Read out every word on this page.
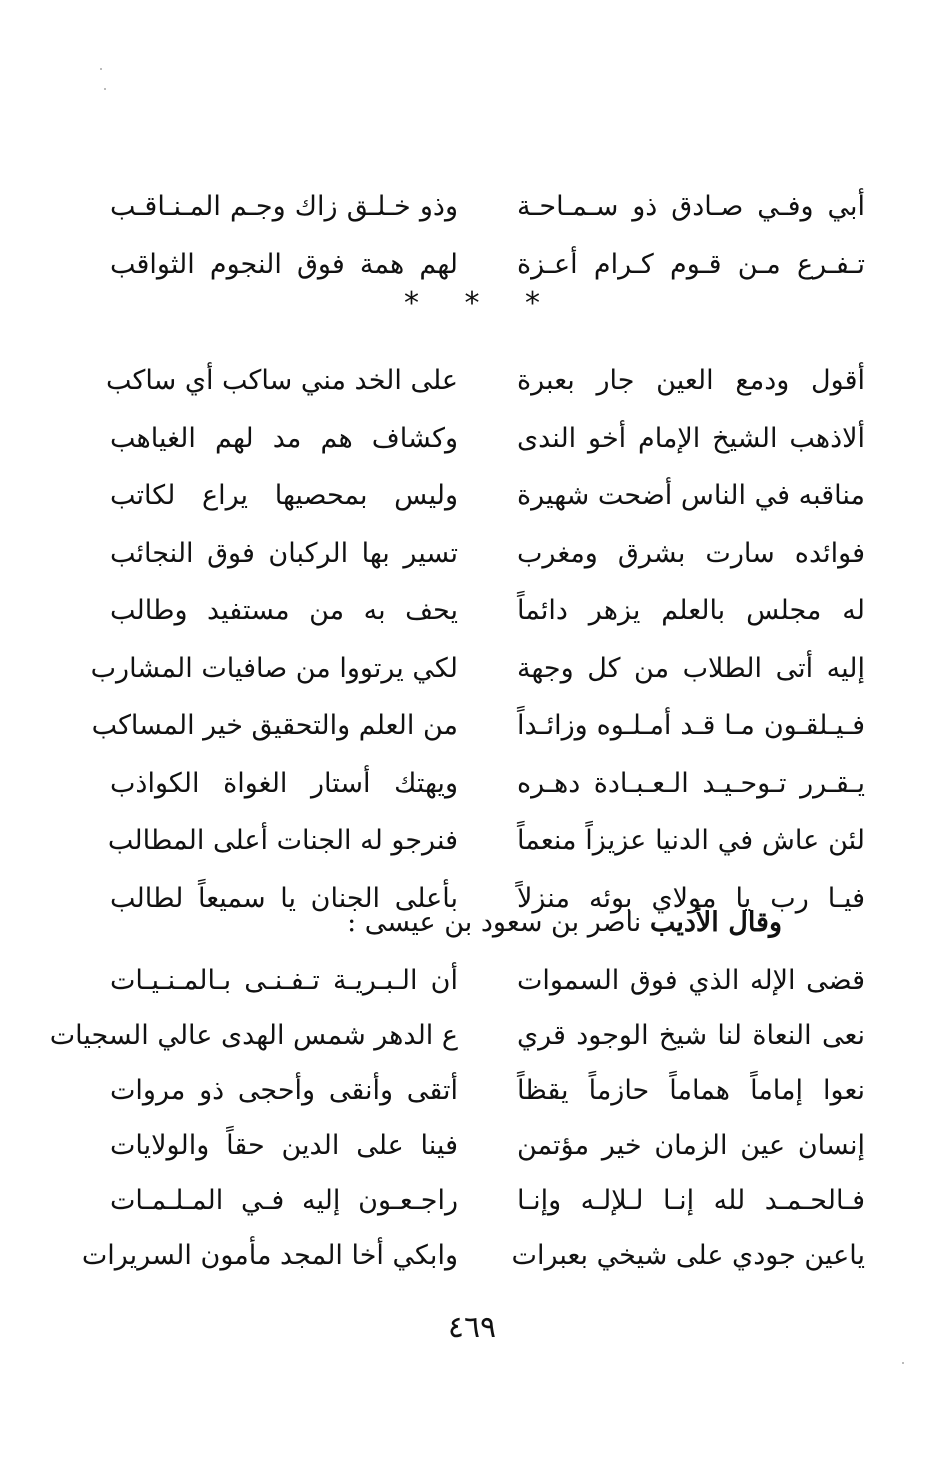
أبي وفـي صـادق ذو سـمـاحـة
وذو خـلـق زاك وجـم المـنـاقـب
تـفـرع مـن قـوم كـرام أعـزة
لهم همة فوق النجوم الثواقب
* * *
أقول ودمع العين جار بعبرة
على الخد مني ساكب أي ساكب
ألاذهب الشيخ الإمام أخو الندى
وكشاف هم مد لهم الغياهب
مناقبه في الناس أضحت شهيرة
وليس بمحصيها يراع لكاتب
فوائده سارت بشرق ومغرب
تسير بها الركبان فوق النجائب
له مجلس بالعلم يزهر دائماً
يحف به من مستفيد وطالب
إليه أتى الطلاب من كل وجهة
لكي يرتووا من صافيات المشارب
فـيـلقـون مـا قـد أمـلـوه وزائـداً
من العلم والتحقيق خير المساكب
يـقـرر تـوحـيـد الـعـبـادة دهـره
ويهتك أستار الغواة الكواذب
لئن عاش في الدنيا عزيزاً منعماً
فنرجو له الجنات أعلى المطالب
فيـا رب يا مولاي بوئه منزلاً
بأعلى الجنان يا سميعاً لطالب
وقال الأديب ناصر بن سعود بن عيسى :
قضى الإله الذي فوق السموات
أن الـبـريـة تـفـنـى بـالمـنـيـات
نعى النعاة لنا شيخ الوجود قري
ع الدهر شمس الهدى عالي السجيات
نعوا إماماً هماماً حازماً يقظاً
أتقى وأنقى وأحجى ذو مروات
إنسان عين الزمان خير مؤتمن
فينا على الدين حقاً والولايات
فـالحـمـد لله إنـا لـلإلـه وإنـا
راجـعـون إليه فـي المـلـمـات
ياعين جودي على شيخي بعبرات
وابكي أخا المجد مأمون السريرات
٤٦٩
